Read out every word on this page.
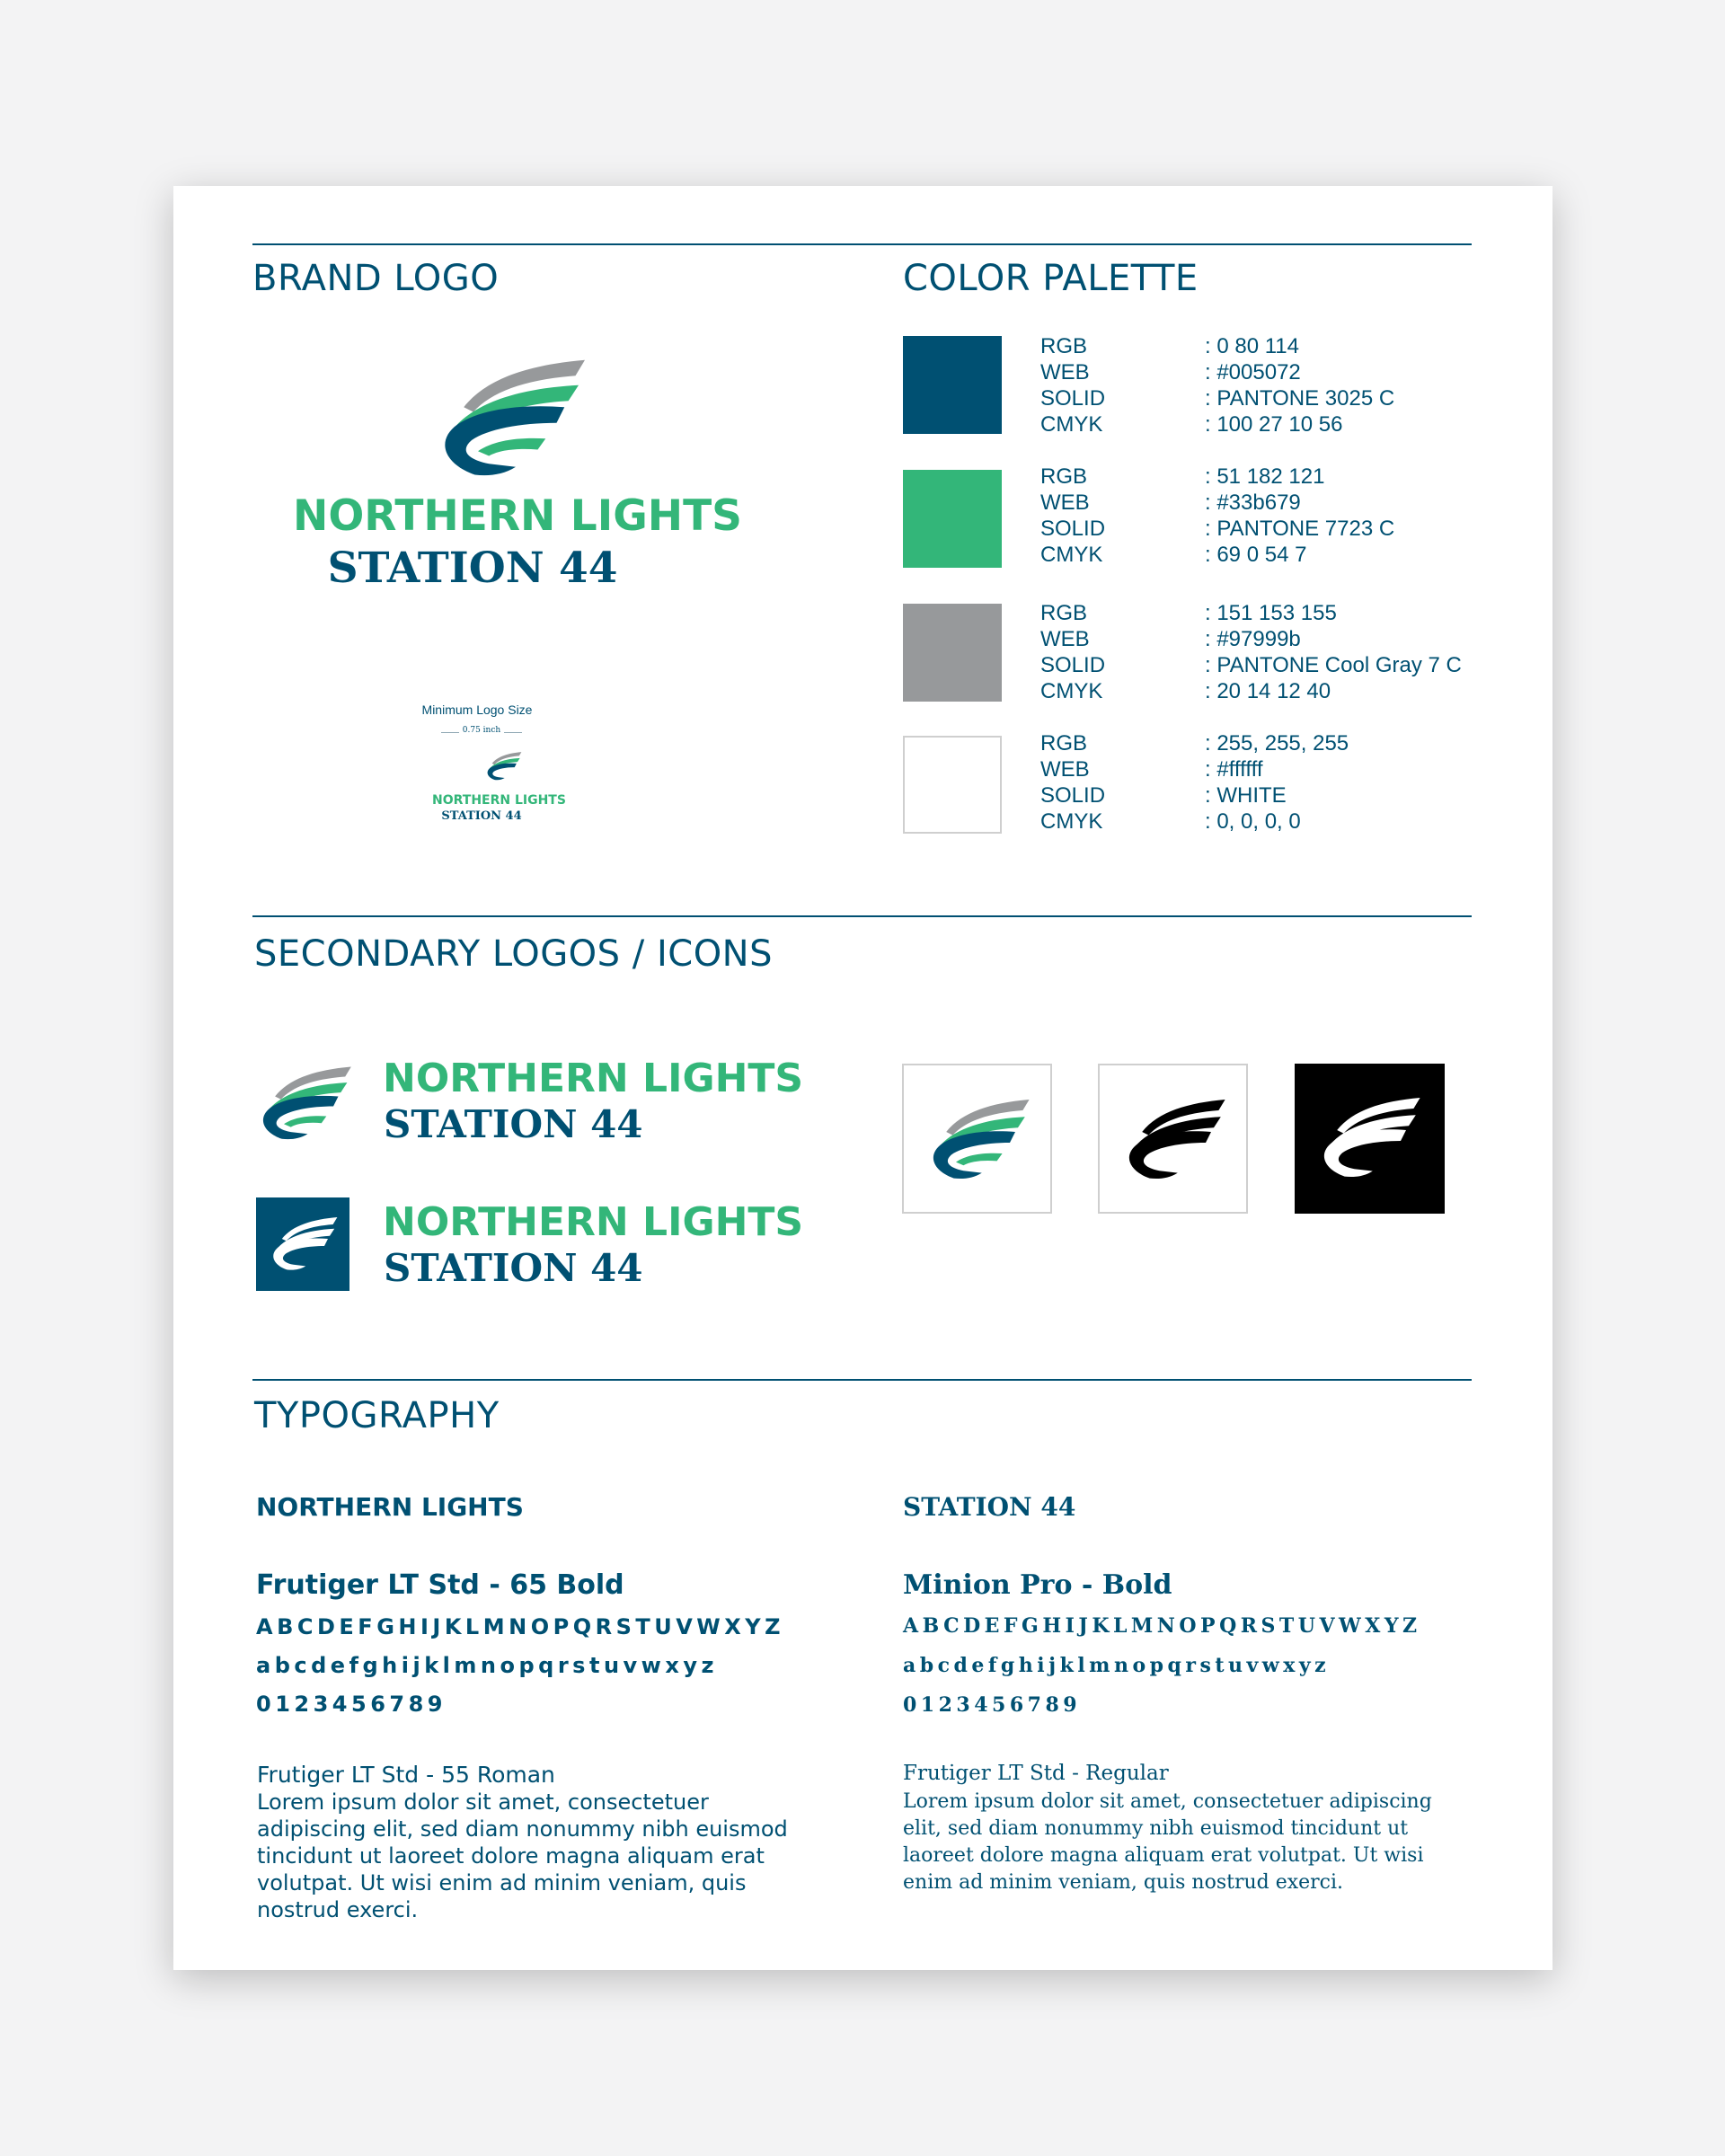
BRAND LOGO
NORTHERN LIGHTS
STATION 44
Minimum Logo Size
0.75 inch
NORTHERN LIGHTS
STATION 44
COLOR PALETTE
RGB
WEB
SOLID
CMYK
: 0 80 114
: #005072
: PANTONE 3025 C
: 100 27 10 56
RGB
WEB
SOLID
CMYK
: 51 182 121
: #33b679
: PANTONE 7723 C
: 69 0 54 7
RGB
WEB
SOLID
CMYK
: 151 153 155
: #97999b
: PANTONE Cool Gray 7 C
: 20 14 12 40
RGB
WEB
SOLID
CMYK
: 255, 255, 255
: #ffffff
: WHITE
: 0, 0, 0, 0
SECONDARY LOGOS / ICONS
NORTHERN LIGHTS
STATION 44
NORTHERN LIGHTS
STATION 44
TYPOGRAPHY
NORTHERN LIGHTS
Frutiger LT Std - 65 Bold
ABCDEFGHIJKLMNOPQRSTUVWXYZ
abcdefghijklmnopqrstuvwxyz
0123456789
Frutiger LT Std - 55 Roman
Lorem ipsum dolor sit amet, consectetuer adipiscing elit, sed diam nonummy nibh euismod tincidunt ut laoreet dolore magna aliquam erat volutpat. Ut wisi enim ad minim veniam, quis nostrud exerci.
STATION 44
Minion Pro - Bold
ABCDEFGHIJKLMNOPQRSTUVWXYZ
abcdefghijklmnopqrstuvwxyz
0123456789
Frutiger LT Std - Regular
Lorem ipsum dolor sit amet, consectetuer adipiscing elit, sed diam nonummy nibh euismod tincidunt ut laoreet dolore magna aliquam erat volutpat. Ut wisi enim ad minim veniam, quis nostrud exerci.
